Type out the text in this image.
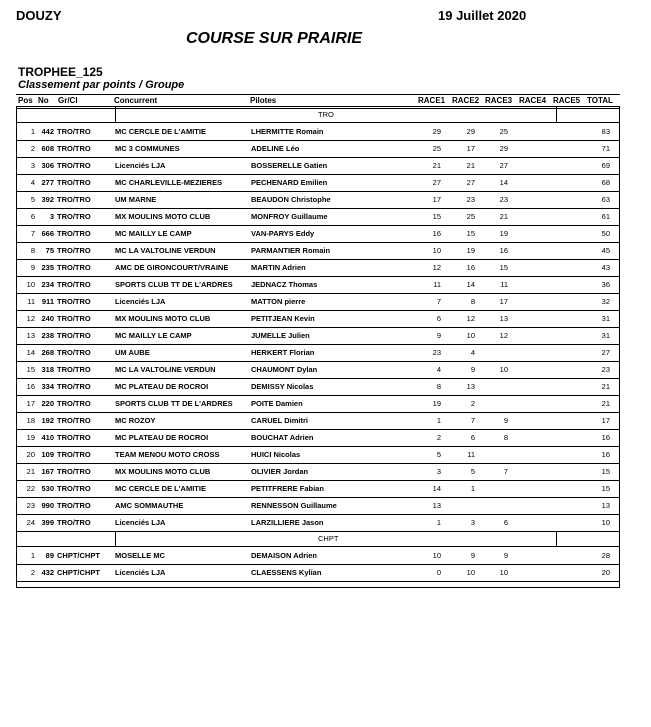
DOUZY	19 Juillet 2020
COURSE SUR PRAIRIE
TROPHEE_125
Classement par points / Groupe
Pos No Gr/Cl	Concurrent	Pilotes	RACE1 RACE2 RACE3 RACE4 RACE5 TOTAL
TRO
1 442 TRO/TRO	MC CERCLE DE L'AMITIE	LHERMITTE Romain	29	29	25	83
2 608 TRO/TRO	MC 3 COMMUNES	ADELINE Léo	25	17	29	71
3 306 TRO/TRO	Licenciés LJA	BOSSERELLE Gatien	21	21	27	69
4 277 TRO/TRO	MC CHARLEVILLE-MEZIERES	PECHENARD Emilien	27	27	14	68
5 392 TRO/TRO	UM MARNE	BEAUDON Christophe	17	23	23	63
6	3 TRO/TRO	MX MOULINS MOTO CLUB	MONFROY Guillaume	15	25	21	61
7 666 TRO/TRO	MC MAILLY LE CAMP	VAN-PARYS Eddy	16	15	19	50
8	75 TRO/TRO	MC LA VALTOLINE VERDUN	PARMANTIER Romain	10	19	16	45
9 235 TRO/TRO	AMC DE GIRONCOURT/VRAINE	MARTIN Adrien	12	16	15	43
10 234 TRO/TRO	SPORTS CLUB TT DE L'ARDRES	JEDNACZ Thomas	11	14	11	36
11 911 TRO/TRO	Licenciés LJA	MATTON pierre	7	8	17	32
12 240 TRO/TRO	MX MOULINS MOTO CLUB	PETITJEAN Kevin	6	12	13	31
13 238 TRO/TRO	MC MAILLY LE CAMP	JUMELLE Julien	9	10	12	31
14 268 TRO/TRO	UM AUBE	HERKERT Florian	23	4	27
15 318 TRO/TRO	MC LA VALTOLINE VERDUN	CHAUMONT Dylan	4	9	10	23
16 334 TRO/TRO	MC PLATEAU DE ROCROI	DEMISSY Nicolas	8	13	21
17 220 TRO/TRO	SPORTS CLUB TT DE L'ARDRES	POITE Damien	19	2	21
18 192 TRO/TRO	MC ROZOY	CARUEL Dimitri	1	7	9	17
19 410 TRO/TRO	MC PLATEAU DE ROCROI	BOUCHAT Adrien	2	6	8	16
20 109 TRO/TRO	TEAM MENOU MOTO CROSS	HUICI Nicolas	5	11	16
21 167 TRO/TRO	MX MOULINS MOTO CLUB	OLIVIER Jordan	3	5	7	15
22 530 TRO/TRO	MC CERCLE DE L'AMITIE	PETITFRERE Fabian	14	1	15
23 990 TRO/TRO	AMC SOMMAUTHE	RENNESSON Guillaume	13	13
24 399 TRO/TRO	Licenciés LJA	LARZILLIERE Jason	1	3	6	10
CHPT
1	89 CHPT/CHPT	MOSELLE MC	DEMAISON Adrien	10	9	9	28
2 432 CHPT/CHPT	Licenciés LJA	CLAESSENS Kylian	0	10	10	20
